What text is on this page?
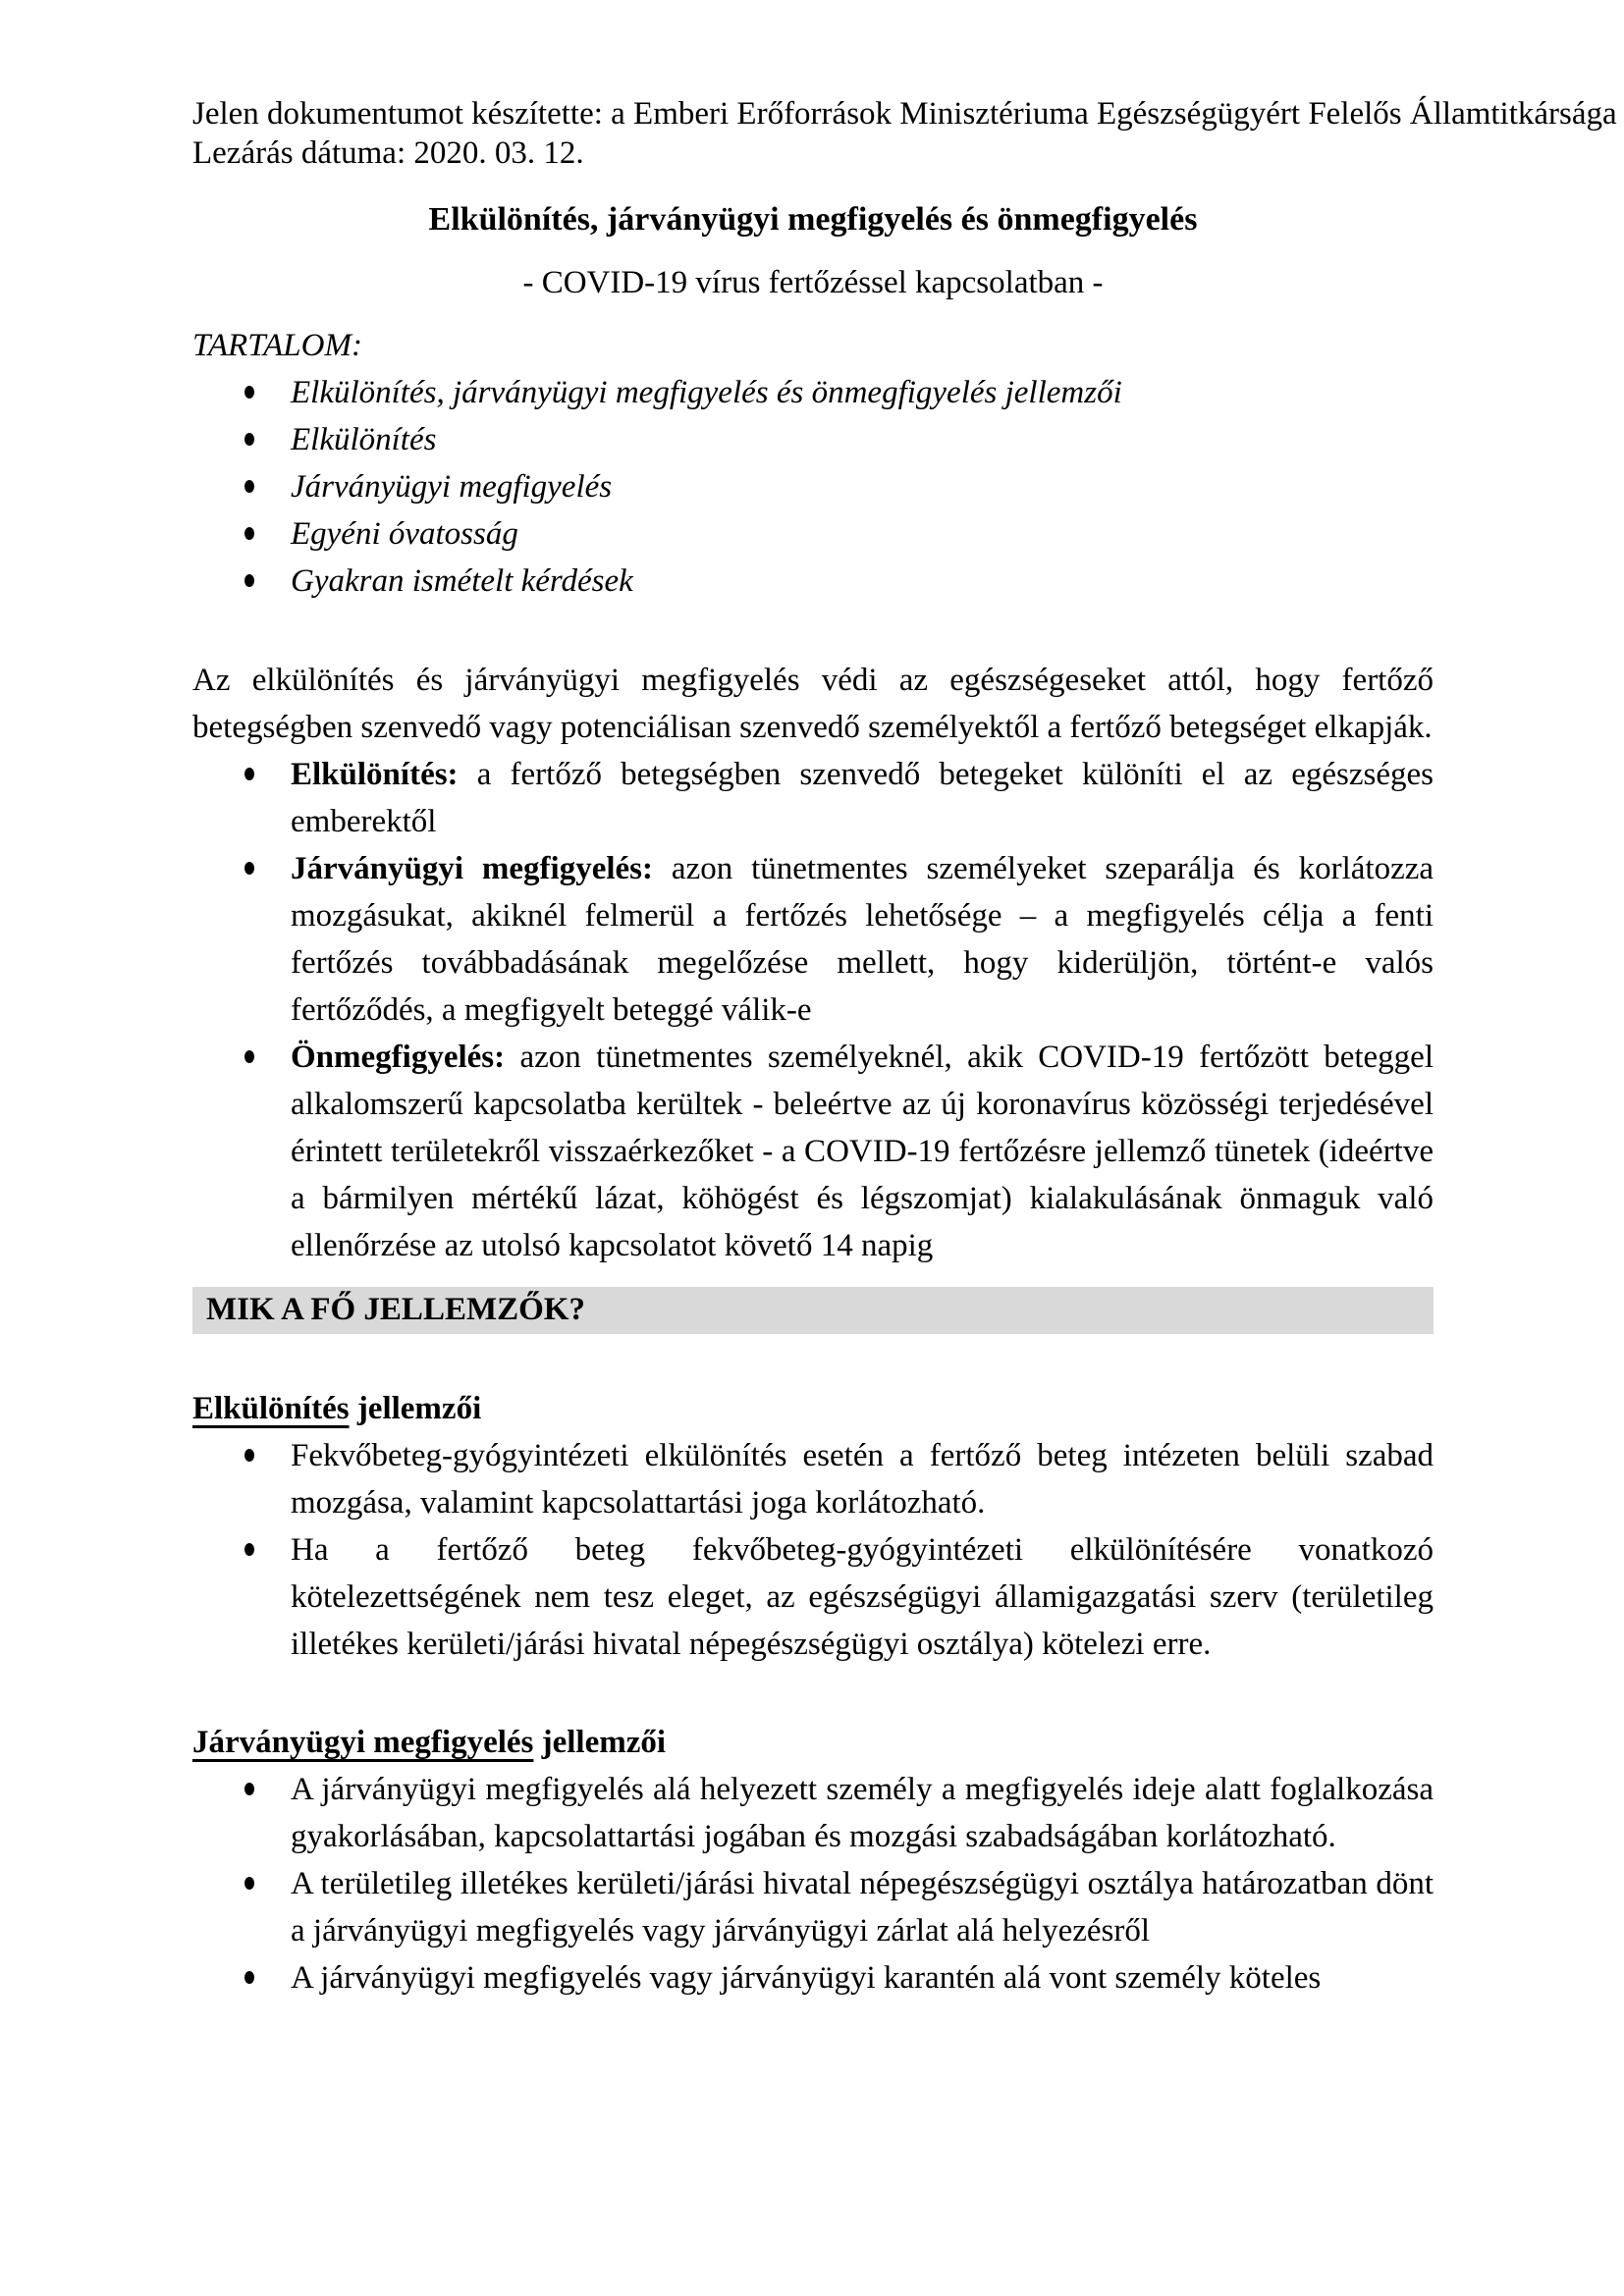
Jelen dokumentumot készítette: a Emberi Erőforrások Minisztériuma Egészségügyért Felelős Államtitkársága

Lezárás dátuma: 2020. 03. 12.

Elkülönítés, járványügyi megfigyelés és önmegfigyelés

- COVID-19 vírus fertőzéssel kapcsolatban -

TARTALOM:

Elkülönítés, járványügyi megfigyelés és önmegfigyelés jellemzői
Elkülönítés
Járványügyi megfigyelés
Egyéni óvatosság
Gyakran ismételt kérdések

Az elkülönítés és járványügyi megfigyelés védi az egészségeseket attól, hogy fertőző betegségben szenvedő vagy potenciálisan szenvedő személyektől a fertőző betegséget elkapják.

Elkülönítés: a fertőző betegségben szenvedő betegeket különíti el az egészséges emberektől
Járványügyi megfigyelés: azon tünetmentes személyeket szeparálja és korlátozza mozgásukat, akiknél felmerül a fertőzés lehetősége – a megfigyelés célja a fenti fertőzés továbbadásának megelőzése mellett, hogy kiderüljön, történt-e valós fertőződés, a megfigyelt beteggé válik-e
Önmegfigyelés: azon tünetmentes személyeknél, akik COVID-19 fertőzött beteggel alkalomszerű kapcsolatba kerültek - beleértve az új koronavírus közösségi terjedésével érintett területekről visszaérkezőket - a COVID-19 fertőzésre jellemző tünetek (ideértve a bármilyen mértékű lázat, köhögést és légszomjat) kialakulásának önmaguk való ellenőrzése az utolsó kapcsolatot követő 14 napig
MIK A FŐ JELLEMZŐK?
Elkülönítés jellemzői
Fekvőbeteg-gyógyintézeti elkülönítés esetén a fertőző beteg intézeten belüli szabad mozgása, valamint kapcsolattartási joga korlátozható.
Ha a fertőző beteg fekvőbeteg-gyógyintézeti elkülönítésére vonatkozó kötelezettségének nem tesz eleget, az egészségügyi államigazgatási szerv (területileg illetékes kerületi/járási hivatal népegészségügyi osztálya) kötelezi erre.
Járványügyi megfigyelés jellemzői
A járványügyi megfigyelés alá helyezett személy a megfigyelés ideje alatt foglalkozása gyakorlásában, kapcsolattartási jogában és mozgási szabadságában korlátozható.
A területileg illetékes kerületi/járási hivatal népegészségügyi osztálya határozatban dönt a járványügyi megfigyelés vagy járványügyi zárlat alá helyezésről
A járványügyi megfigyelés vagy járványügyi karantén alá vont személy köteles
